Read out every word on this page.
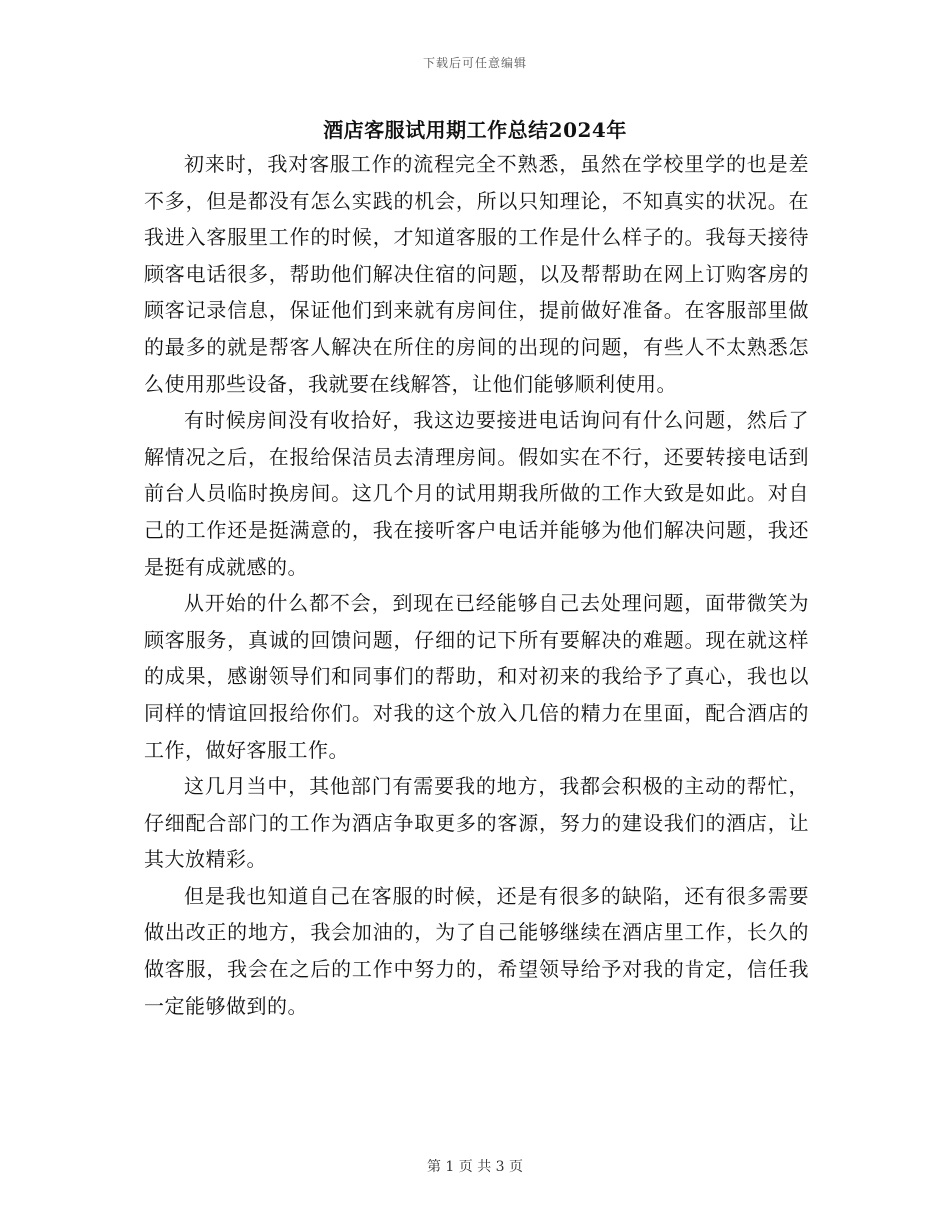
下载后可任意编辑
酒店客服试用期工作总结2024年

初来时，我对客服工作的流程完全不熟悉，虽然在学校里学的也是差不多，但是都没有怎么实践的机会，所以只知理论，不知真实的状况。在我进入客服里工作的时候，才知道客服的工作是什么样子的。我每天接待顾客电话很多，帮助他们解决住宿的问题，以及帮帮助在网上订购客房的顾客记录信息，保证他们到来就有房间住，提前做好准备。在客服部里做的最多的就是帮客人解决在所住的房间的出现的问题，有些人不太熟悉怎么使用那些设备，我就要在线解答，让他们能够顺利使用。

有时候房间没有收拾好，我这边要接进电话询问有什么问题，然后了解情况之后，在报给保洁员去清理房间。假如实在不行，还要转接电话到前台人员临时换房间。这几个月的试用期我所做的工作大致是如此。对自己的工作还是挺满意的，我在接听客户电话并能够为他们解决问题，我还是挺有成就感的。

从开始的什么都不会，到现在已经能够自己去处理问题，面带微笑为顾客服务，真诚的回馈问题，仔细的记下所有要解决的难题。现在就这样的成果，感谢领导们和同事们的帮助，和对初来的我给予了真心，我也以同样的情谊回报给你们。对我的这个放入几倍的精力在里面，配合酒店的工作，做好客服工作。

这几月当中，其他部门有需要我的地方，我都会积极的主动的帮忙，仔细配合部门的工作为酒店争取更多的客源，努力的建设我们的酒店，让其大放精彩。

但是我也知道自己在客服的时候，还是有很多的缺陷，还有很多需要做出改正的地方，我会加油的，为了自己能够继续在酒店里工作，长久的做客服，我会在之后的工作中努力的，希望领导给予对我的肯定，信任我一定能够做到的。

第 1 页 共 3 页
